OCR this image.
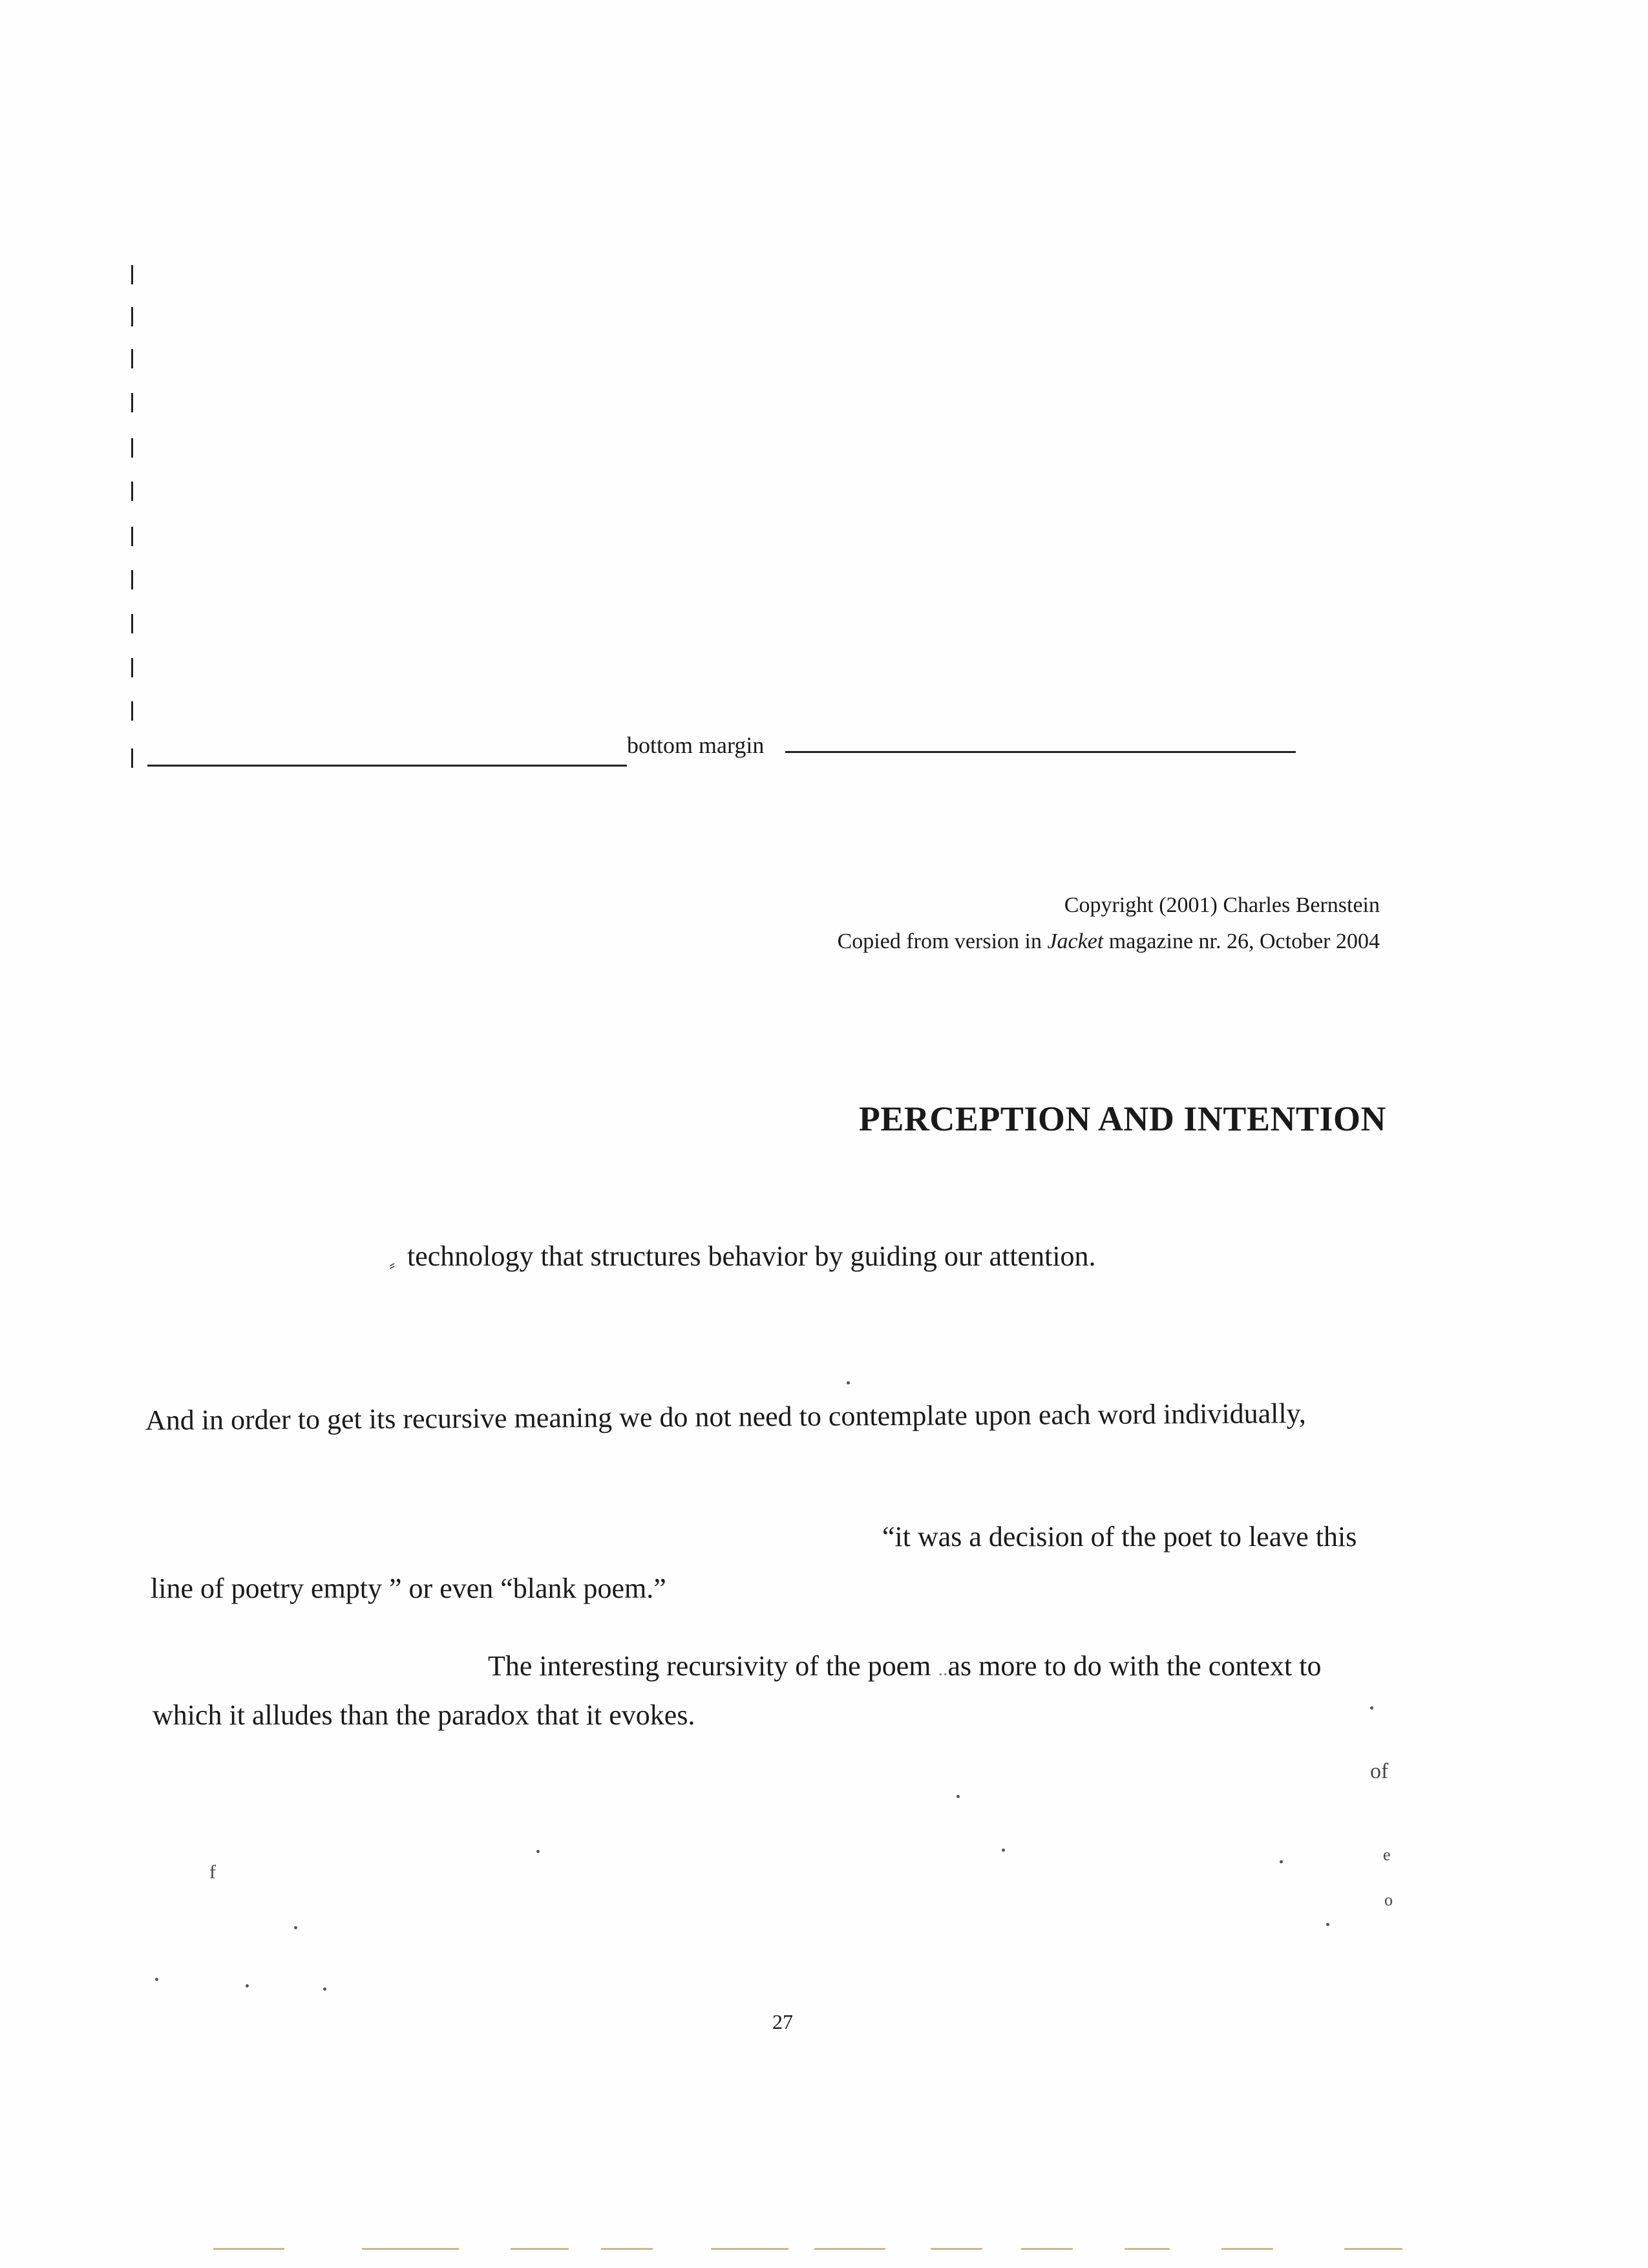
bottom margin
Copyright (2001) Charles Bernstein
Copied from version in Jacket magazine nr. 26, October 2004
PERCEPTION AND INTENTION
⸗ technology that structures behavior by guiding our attention.
And in order to get its recursive meaning we do not need to contemplate upon each word individually,
“it was a decision of the poet to leave this
line of poetry empty ” or even “blank poem.”
The interesting recursivity of the poem ..as more to do with the context to
which it alludes than the paradox that it evokes.
of
e
o
f
27
